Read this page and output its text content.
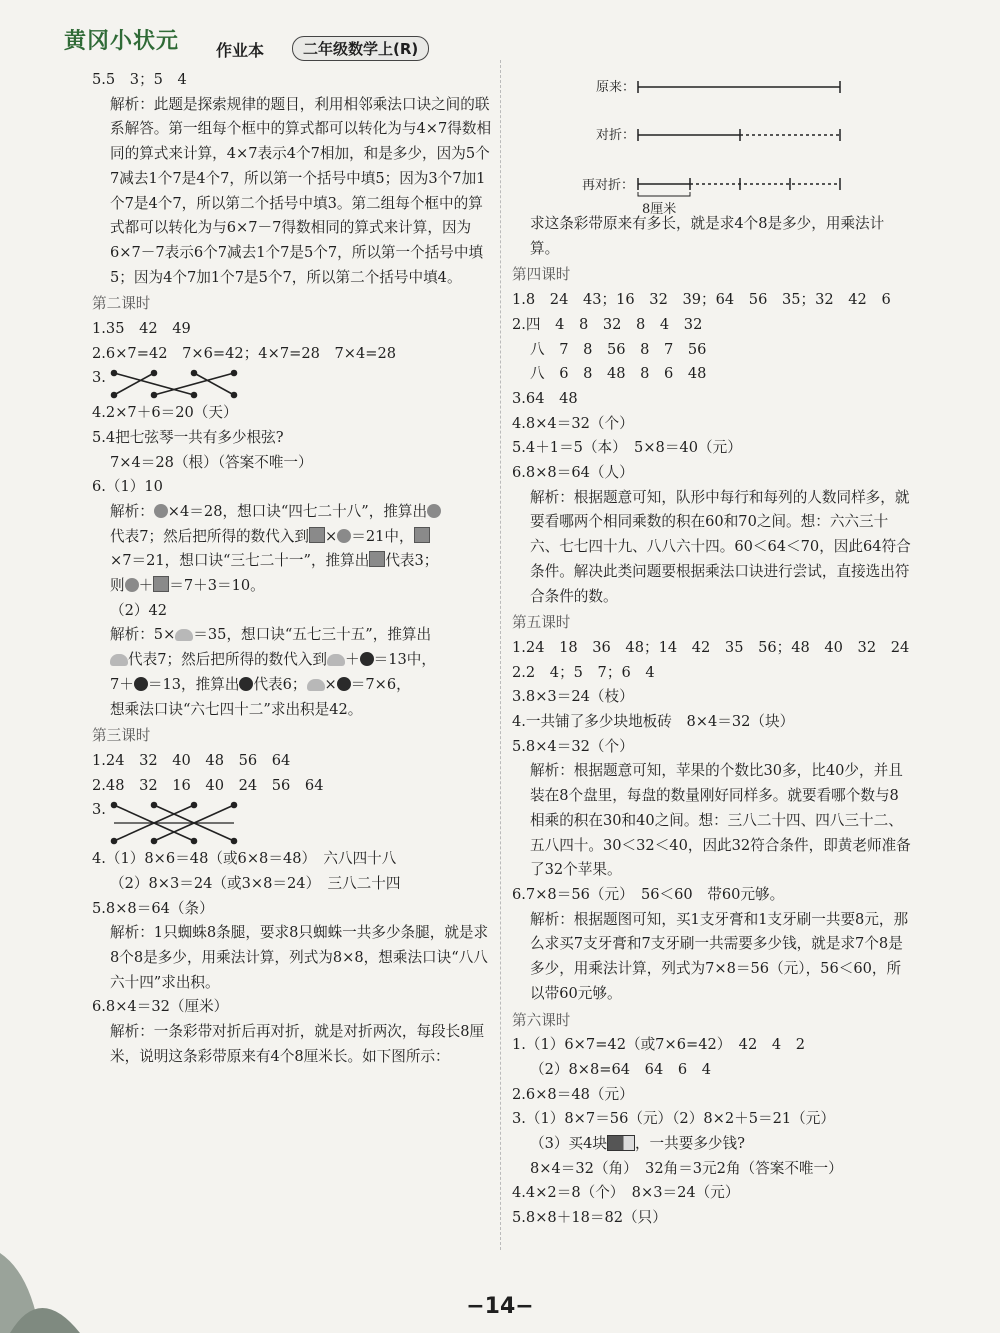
黄冈小状元 作业本	二年级数学上(R)
5.5　3；5　4
解析：此题是探索规律的题目，利用相邻乘法口诀之间的联系解答。第一组每个框中的算式都可以转化为与4×7得数相同的算式来计算，4×7表示4个7相加，和是多少，因为5个7减去1个7是4个7，所以第一个括号中填5；因为3个7加1个7是4个7，所以第二个括号中填3。第二组每个框中的算式都可以转化为与6×7－7得数相同的算式来计算，因为6×7－7表示6个7减去1个7是5个7，所以第一个括号中填5；因为4个7加1个7是5个7，所以第二个括号中填4。
第二课时
1.35　42　49
2.6×7=42　7×6=42；4×7=28　7×4=28
3.
4.2×7＋6＝20（天）
5.4把七弦琴一共有多少根弦?
7×4＝28（根）（答案不唯一）
6.（1）10
解析： ×4＝28，想口诀“四七二十八”，推算出
代表7；然后把所得的数代入到 × ＝21中，
×7＝21，想口诀“三七二十一”，推算出 代表3；
则 ＋ ＝7＋3＝10。
（2）42
解析：5× ＝35，想口诀“五七三十五”，推算出
代表7；然后把所得的数代入到 ＋ ＝13中，
7＋ ＝13，推算出 代表6； × ＝7×6，
想乘法口诀“六七四十二”求出积是42。
第三课时
1.24　32　40　48　56　64
2.48　32　16　40　24　56　64
3.
4.（1）8×6＝48（或6×8＝48）　六八四十八
（2）8×3＝24（或3×8＝24）　三八二十四
5.8×8＝64（条）
解析：1只蜘蛛8条腿，要求8只蜘蛛一共多少条腿，就是求8个8是多少，用乘法计算，列式为8×8，想乘法口诀“八八六十四”求出积。
6.8×4＝32（厘米）
解析：一条彩带对折后再对折，就是对折两次，每段长8厘米，说明这条彩带原来有4个8厘米长。如下图所示：
原来：
对折：
再对折：
8厘米
求这条彩带原来有多长，就是求4个8是多少，用乘法计算。
第四课时
1.8　24　43；16　32　39；64　56　35；32　42　6
2.四　4　8　32　8　4　32
八　7　8　56　8　7　56
八　6　8　48　8　6　48
3.64　48
4.8×4＝32（个）
5.4＋1＝5（本）　5×8＝40（元）
6.8×8＝64（人）
解析：根据题意可知，队形中每行和每列的人数同样多，就要看哪两个相同乘数的积在60和70之间。想：六六三十六、七七四十九、八八六十四。60＜64＜70，因此64符合条件。解决此类问题要根据乘法口诀进行尝试，直接选出符合条件的数。
第五课时
1.24　18　36　48；14　42　35　56；48　40　32　24
2.2　4；5　7；6　4
3.8×3＝24（枝）
4.一共铺了多少块地板砖　8×4＝32（块）
5.8×4＝32（个）
解析：根据题意可知，苹果的个数比30多，比40少，并且装在8个盘里，每盘的数量刚好同样多。就要看哪个数与8相乘的积在30和40之间。想：三八二十四、四八三十二、五八四十。30＜32＜40，因此32符合条件，即黄老师准备了32个苹果。
6.7×8＝56（元）　56＜60　带60元够。
解析：根据题图可知，买1支牙膏和1支牙刷一共要8元，那么求买7支牙膏和7支牙刷一共需要多少钱，就是求7个8是多少，用乘法计算，列式为7×8＝56（元），56＜60，所以带60元够。
第六课时
1.（1）6×7=42（或7×6=42）　42　4　2
（2）8×8=64　64　6　4
2.6×8＝48（元）
3.（1）8×7＝56（元）（2）8×2＋5＝21（元）
（3）买4块 ，一共要多少钱?
8×4＝32（角）　32角＝3元2角（答案不唯一）
4.4×2＝8（个）　8×3＝24（元）
5.8×8＋18＝82（只）
−14−
